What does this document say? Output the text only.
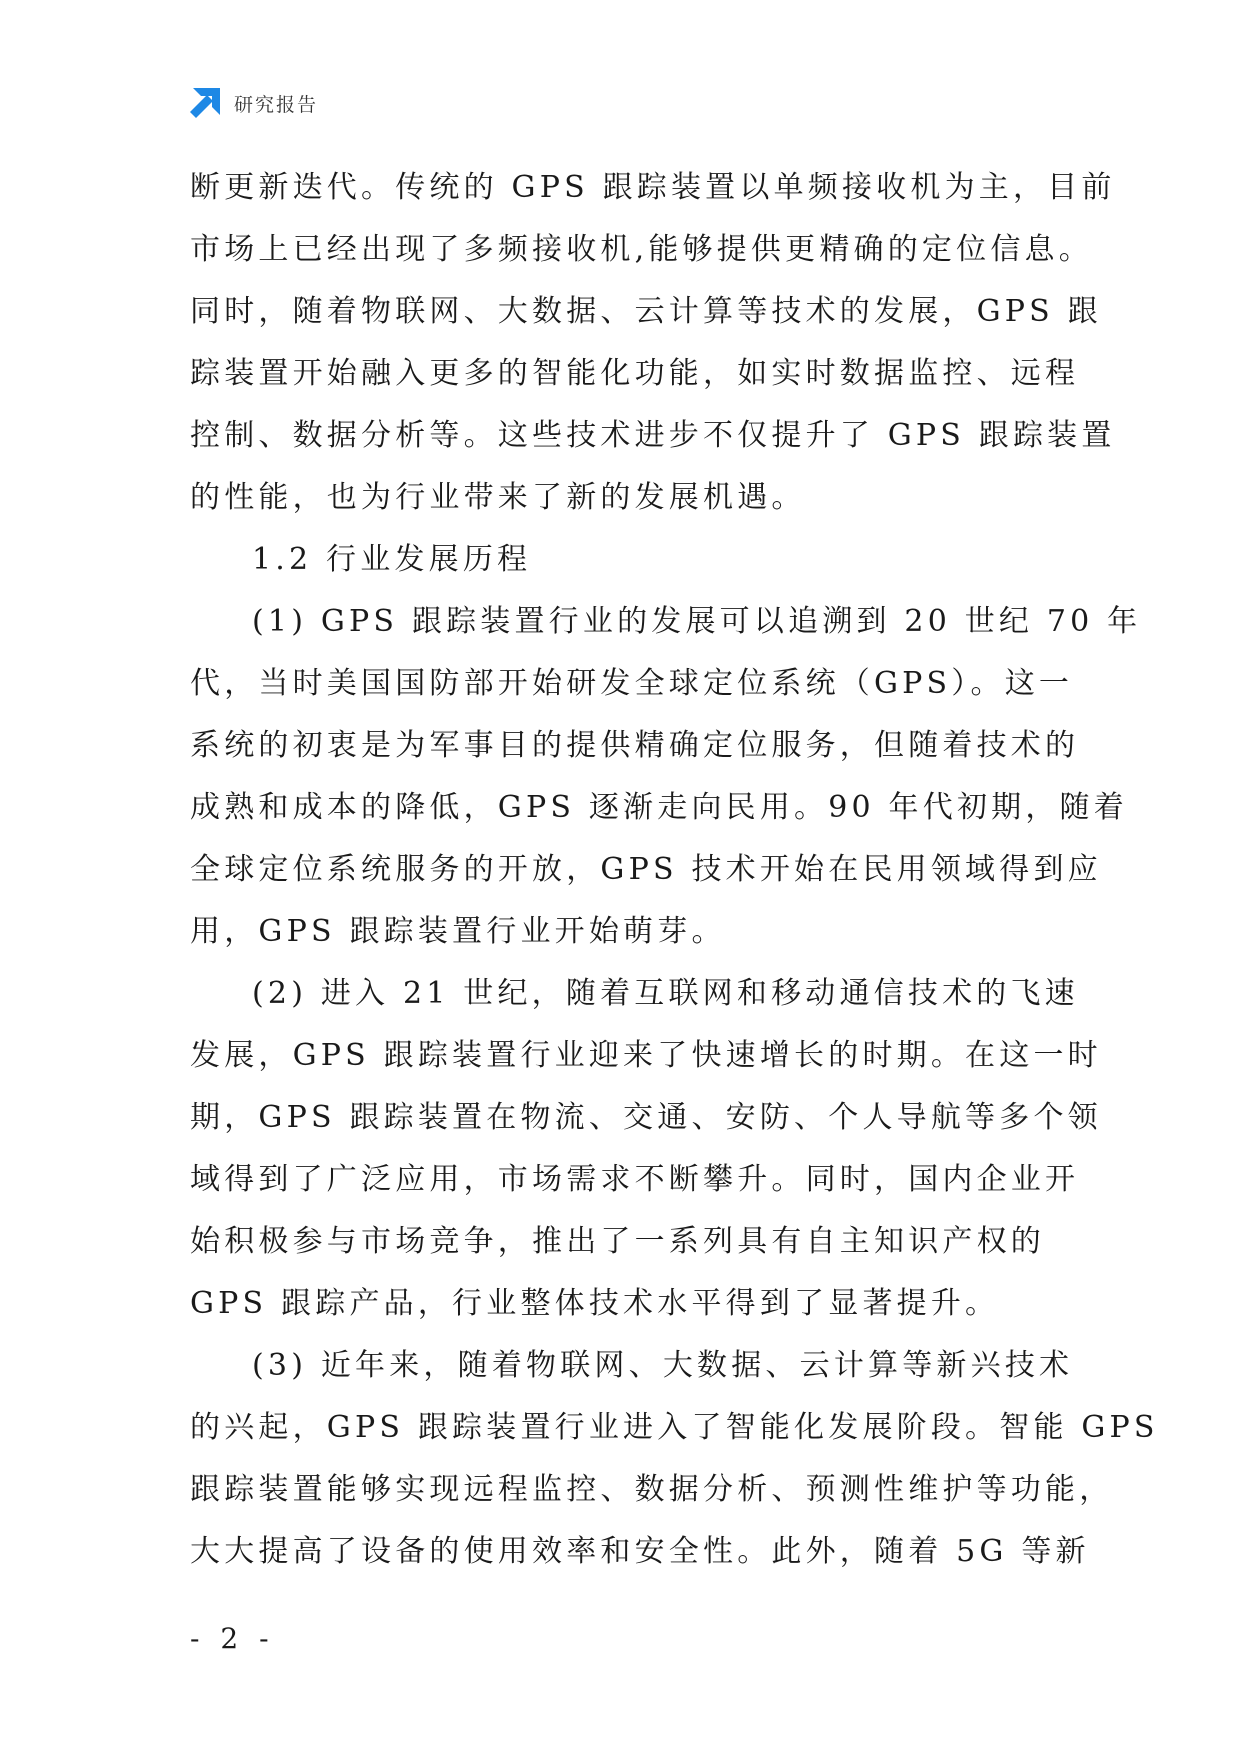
研究报告
断更新迭代。传统的 GPS 跟踪装置以单频接收机为主，目前
市场上已经出现了多频接收机,能够提供更精确的定位信息。
同时，随着物联网、大数据、云计算等技术的发展，GPS 跟
踪装置开始融入更多的智能化功能，如实时数据监控、远程
控制、数据分析等。这些技术进步不仅提升了 GPS 跟踪装置
的性能，也为行业带来了新的发展机遇。
1.2 行业发展历程
(1) GPS 跟踪装置行业的发展可以追溯到 20 世纪 70 年
代，当时美国国防部开始研发全球定位系统（GPS）。这一
系统的初衷是为军事目的提供精确定位服务，但随着技术的
成熟和成本的降低，GPS 逐渐走向民用。90 年代初期，随着
全球定位系统服务的开放，GPS 技术开始在民用领域得到应
用，GPS 跟踪装置行业开始萌芽。
(2) 进入 21 世纪，随着互联网和移动通信技术的飞速
发展，GPS 跟踪装置行业迎来了快速增长的时期。在这一时
期，GPS 跟踪装置在物流、交通、安防、个人导航等多个领
域得到了广泛应用，市场需求不断攀升。同时，国内企业开
始积极参与市场竞争，推出了一系列具有自主知识产权的
GPS 跟踪产品，行业整体技术水平得到了显著提升。
(3) 近年来，随着物联网、大数据、云计算等新兴技术
的兴起，GPS 跟踪装置行业进入了智能化发展阶段。智能 GPS
跟踪装置能够实现远程监控、数据分析、预测性维护等功能，
大大提高了设备的使用效率和安全性。此外，随着 5G 等新
- 2 -
